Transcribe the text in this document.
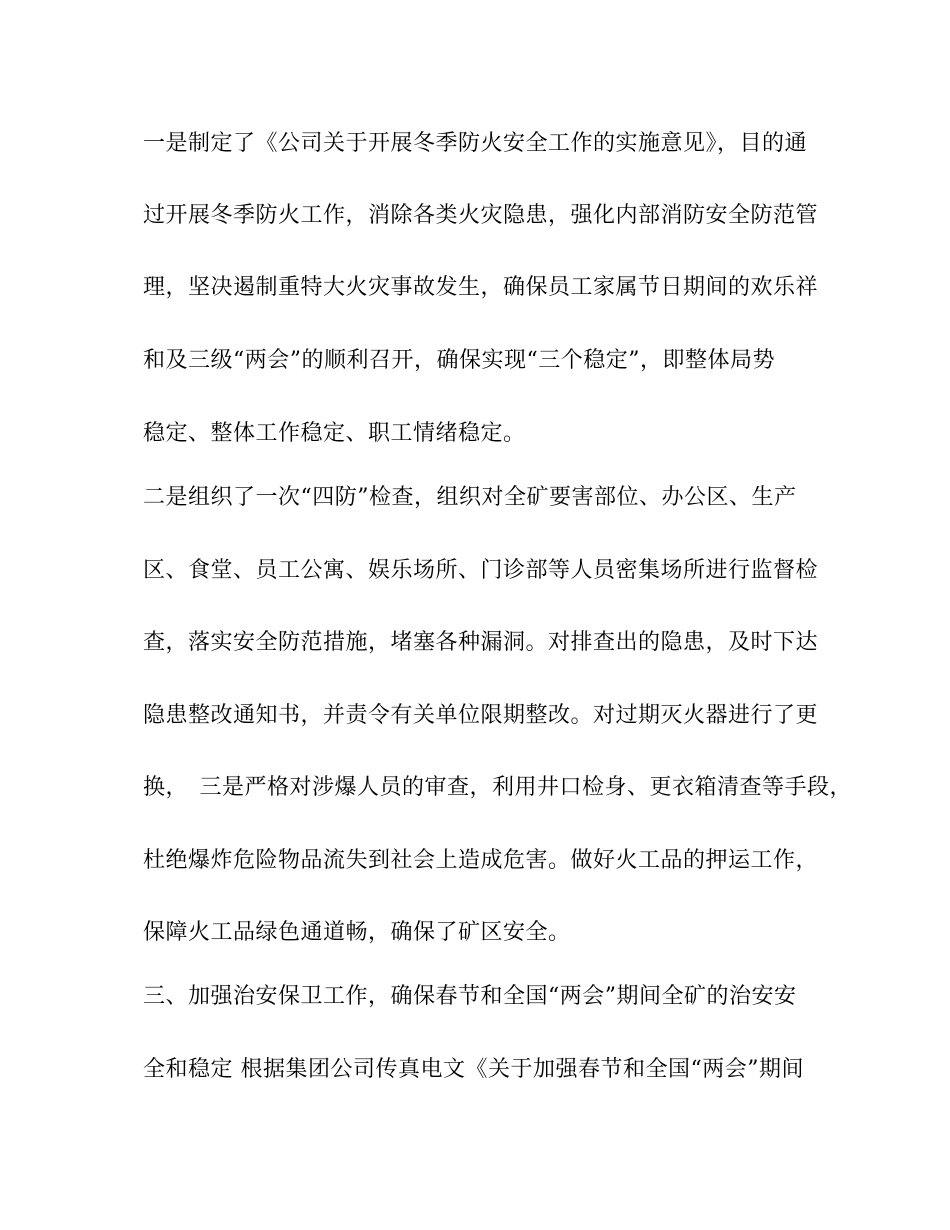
一是制定了《公司关于开展冬季防火安全工作的实施意见》，目的通
过开展冬季防火工作，消除各类火灾隐患，强化内部消防安全防范管
理，坚决遏制重特大火灾事故发生，确保员工家属节日期间的欢乐祥
和及三级“两会”的顺利召开，确保实现“三个稳定”，即整体局势
稳定、整体工作稳定、职工情绪稳定。
二是组织了一次“四防”检查，组织对全矿要害部位、办公区、生产
区、食堂、员工公寓、娱乐场所、门诊部等人员密集场所进行监督检
查，落实安全防范措施，堵塞各种漏洞。对排查出的隐患，及时下达
隐患整改通知书，并责令有关单位限期整改。对过期灭火器进行了更
换，　三是严格对涉爆人员的审查，利用井口检身、更衣箱清查等手段，
杜绝爆炸危险物品流失到社会上造成危害。做好火工品的押运工作，
保障火工品绿色通道畅，确保了矿区安全。
三、加强治安保卫工作，确保春节和全国“两会”期间全矿的治安安
全和稳定 根据集团公司传真电文《关于加强春节和全国“两会”期间
